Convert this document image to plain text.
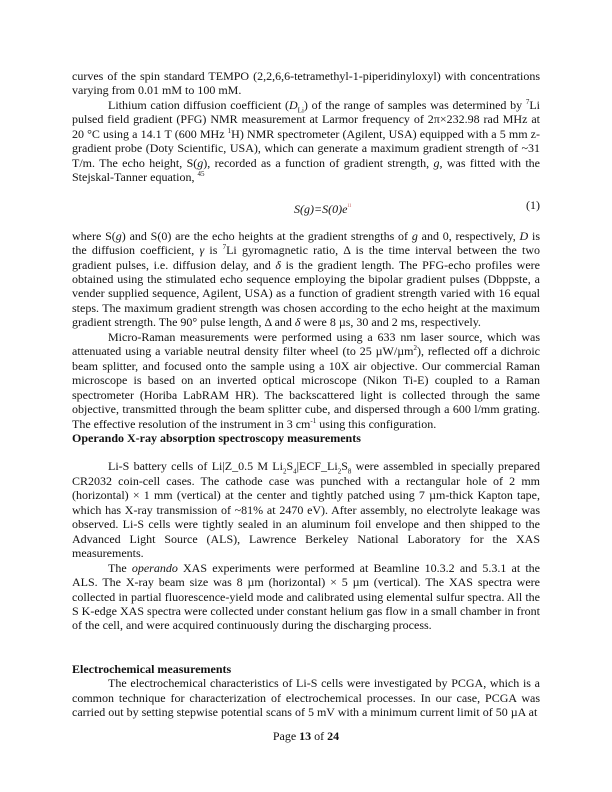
curves of the spin standard TEMPO (2,2,6,6-tetramethyl-1-piperidinyloxyl) with concentrations varying from 0.01 mM to 100 mM.

Lithium cation diffusion coefficient $(D_{Li})$ of the range of samples was determined by $^7$Li pulsed field gradient (PFG) NMR measurement at Larmor frequency of 2π×232.98 rad MHz at 20 °C using a 14.1 T (600 MHz $^1$H) NMR spectrometer (Agilent, USA) equipped with a 5 mm z-gradient probe (Doty Scientific, USA), which can generate a maximum gradient strength of ~31 T/m. The echo height, S(g), recorded as a function of gradient strength, g, was fitted with the Stejskal-Tanner equation, $^{45}$

$S(g)=S(0)e^{ıı}$	(1)

where S(g) and S(0) are the echo heights at the gradient strengths of g and 0, respectively, D is the diffusion coefficient, γ is $^7$Li gyromagnetic ratio, Δ is the time interval between the two gradient pulses, i.e. diffusion delay, and δ is the gradient length. The PFG-echo profiles were obtained using the stimulated echo sequence employing the bipolar gradient pulses (Dbppste, a vender supplied sequence, Agilent, USA) as a function of gradient strength varied with 16 equal steps. The maximum gradient strength was chosen according to the echo height at the maximum gradient strength. The 90° pulse length, Δ and δ were 8 µs, 30 and 2 ms, respectively.

Micro-Raman measurements were performed using a 633 nm laser source, which was attenuated using a variable neutral density filter wheel (to 25 µW/µm$^2$), reflected off a dichroic beam splitter, and focused onto the sample using a 10X air objective. Our commercial Raman microscope is based on an inverted optical microscope (Nikon Ti-E) coupled to a Raman spectrometer (Horiba LabRAM HR). The backscattered light is collected through the same objective, transmitted through the beam splitter cube, and dispersed through a 600 l/mm grating. The effective resolution of the instrument in 3 $cm^{-1}$ using this configuration.

Operando X-ray absorption spectroscopy measurements

Li-S battery cells of Li|Z_0.5 M $Li_2S_4|ECF\_Li_2S_8$ were assembled in specially prepared CR2032 coin-cell cases. The cathode case was punched with a rectangular hole of 2 mm (horizontal) × 1 mm (vertical) at the center and tightly patched using 7 µm-thick Kapton tape, which has X-ray transmission of ~81% at 2470 eV). After assembly, no electrolyte leakage was observed. Li-S cells were tightly sealed in an aluminum foil envelope and then shipped to the Advanced Light Source (ALS), Lawrence Berkeley National Laboratory for the XAS measurements.

The operando XAS experiments were performed at Beamline 10.3.2 and 5.3.1 at the ALS. The X-ray beam size was 8 µm (horizontal) × 5 µm (vertical). The XAS spectra were collected in partial fluorescence-yield mode and calibrated using elemental sulfur spectra. All the S K-edge XAS spectra were collected under constant helium gas flow in a small chamber in front of the cell, and were acquired continuously during the discharging process.

Electrochemical measurements

The electrochemical characteristics of Li-S cells were investigated by PCGA, which is a common technique for characterization of electrochemical processes. In our case, PCGA was carried out by setting stepwise potential scans of 5 mV with a minimum current limit of 50 µA at

Page 13 of 24
